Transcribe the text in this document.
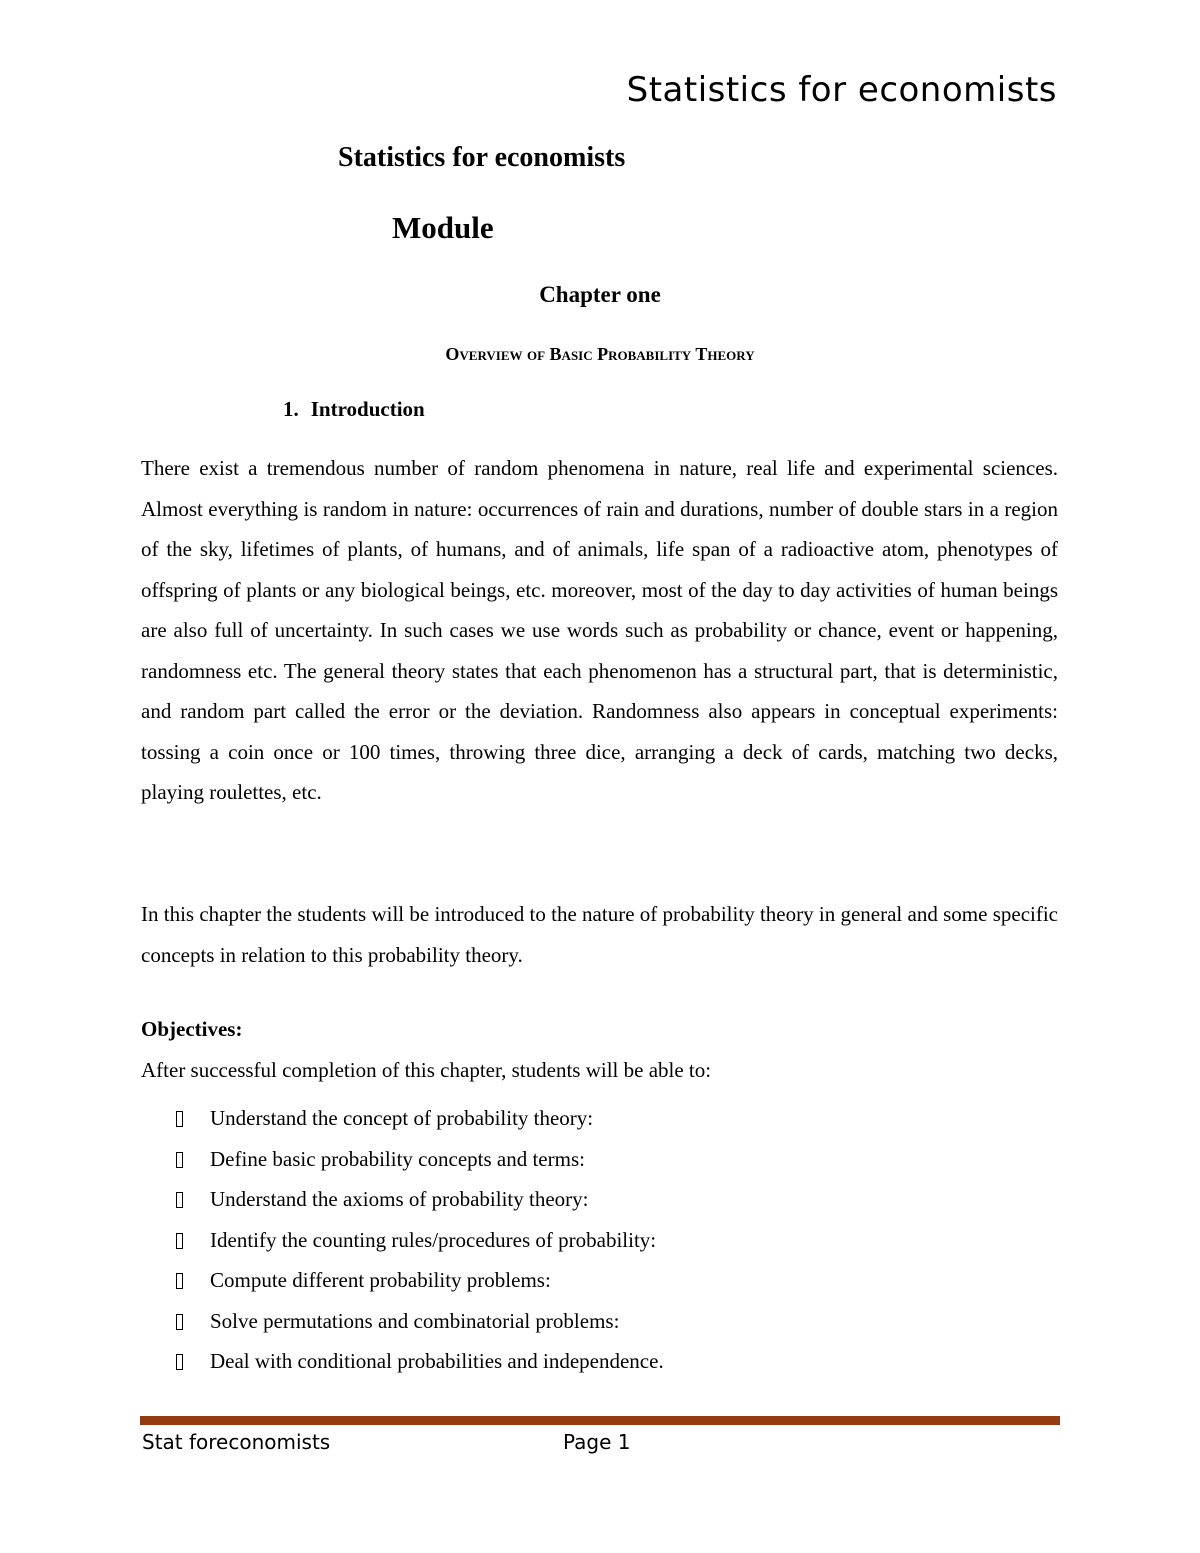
Statistics for economists
Statistics for economists
Module
Chapter one
Overview of Basic Probability Theory
1. Introduction

There exist a tremendous number of random phenomena in nature, real life and experimental sciences. Almost everything is random in nature: occurrences of rain and durations, number of double stars in a region of the sky, lifetimes of plants, of humans, and of animals, life span of a radioactive atom, phenotypes of offspring of plants or any biological beings, etc. moreover, most of the day to day activities of human beings are also full of uncertainty. In such cases we use words such as probability or chance, event or happening, randomness etc. The general theory states that each phenomenon has a structural part, that is deterministic, and random part called the error or the deviation. Randomness also appears in conceptual experiments: tossing a coin once or 100 times, throwing three dice, arranging a deck of cards, matching two decks, playing roulettes, etc.

In this chapter the students will be introduced to the nature of probability theory in general and some specific concepts in relation to this probability theory.

Objectives:
After successful completion of this chapter, students will be able to:
Understand the concept of probability theory:
Define basic probability concepts and terms:
Understand the axioms of probability theory:
Identify the counting rules/procedures of probability:
Compute different probability problems:
Solve permutations and combinatorial problems:
Deal with conditional probabilities and independence.
Stat foreconomists	Page 1
